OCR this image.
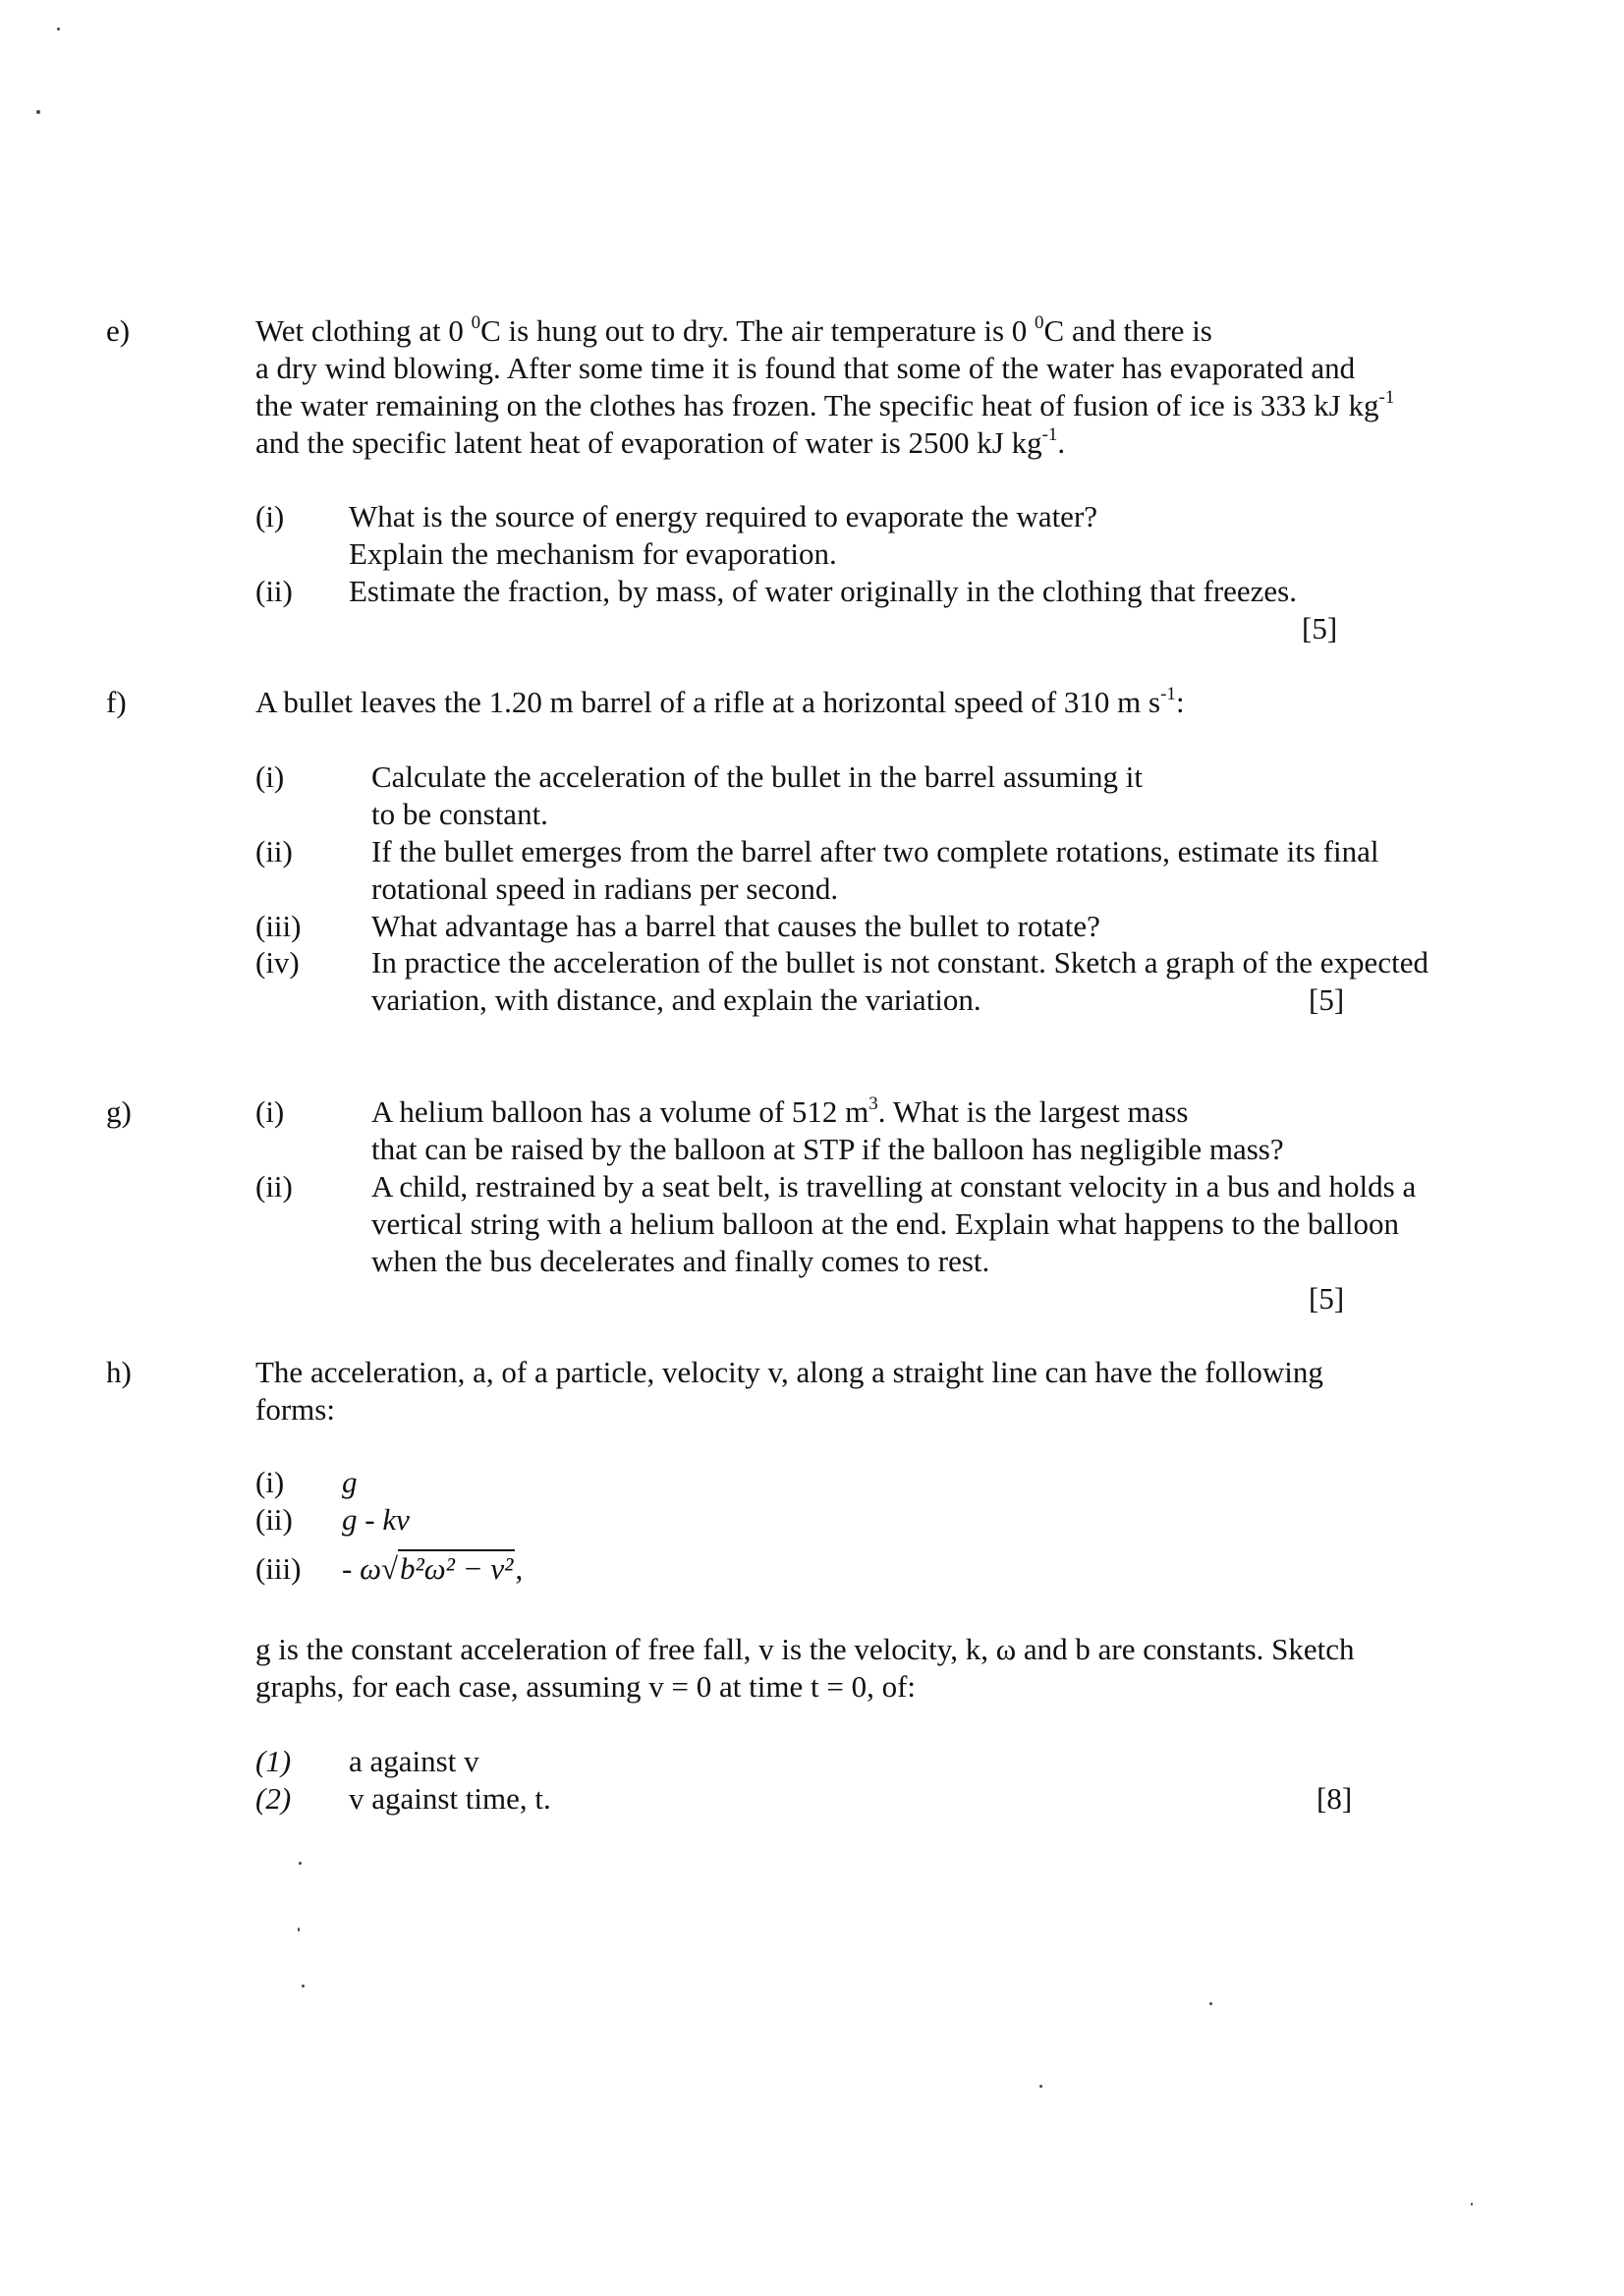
e)	Wet clothing at 0 $^0$C is hung out to dry. The air temperature is 0 $^0$C and there is
a dry wind blowing. After some time it is found that some of the water has evaporated and
the water remaining on the clothes has frozen. The specific heat of fusion of ice is 333 kJ $kg^{-1}$
and the specific latent heat of evaporation of water is 2500 kJ $kg^{-1}$.
(i) What is the source of energy required to evaporate the water?
Explain the mechanism for evaporation.
(ii) Estimate the fraction, by mass, of water originally in the clothing that freezes.
[5]
f)	A bullet leaves the 1.20 m barrel of a rifle at a horizontal speed of 310 m $s^{-1}$:
(i)	Calculate the acceleration of the bullet in the barrel assuming it
to be constant.
(ii)	If the bullet emerges from the barrel after two complete rotations, estimate its final
rotational speed in radians per second.
(iii) What advantage has a barrel that causes the bullet to rotate?
(iv) In practice the acceleration of the bullet is not constant. Sketch a graph of the expected
variation, with distance, and explain the variation.	[5]
g)	(i)	A helium balloon has a volume of 512 $m^3$. What is the largest mass
that can be raised by the balloon at STP if the balloon has negligible mass?
(ii)	A child, restrained by a seat belt, is travelling at constant velocity in a bus and holds a
vertical string with a helium balloon at the end. Explain what happens to the balloon
when the bus decelerates and finally comes to rest.
[5]
h)	The acceleration, a, of a particle, velocity v, along a straight line can have the following
forms:
(i) g
(ii) g - kv
(iii) - ω√b²ω² − v²,
g is the constant acceleration of free fall, v is the velocity, k, ω and b are constants. Sketch
graphs, for each case, assuming v = 0 at time t = 0, of:
(1) a against v
(2) v against time, t.	[8]
